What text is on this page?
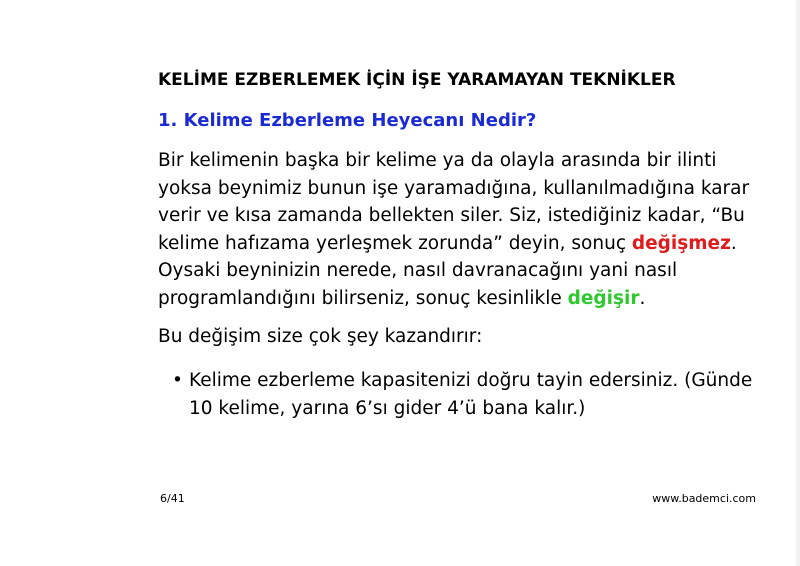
KELİME EZBERLEMEK İÇİN İŞE YARAMAYAN TEKNİKLER
1. Kelime Ezberleme Heyecanı Nedir?
Bir kelimenin başka bir kelime ya da olayla arasında bir ilinti yoksa beynimiz bunun işe yaramadığına, kullanılmadığına karar verir ve kısa zamanda bellekten siler. Siz, istediğiniz kadar, “Bu kelime hafızama yerleşmek zorunda” deyin, sonuç değişmez. Oysaki beyninizin nerede, nasıl davranacağını yani nasıl programlandığını bilirseniz, sonuç kesinlikle değişir.
Bu değişim size çok şey kazandırır:
• Kelime ezberleme kapasitenizi doğru tayin edersiniz. (Günde 10 kelime, yarına 6’sı gider 4’ü bana kalır.)
6/41	www.bademci.com
